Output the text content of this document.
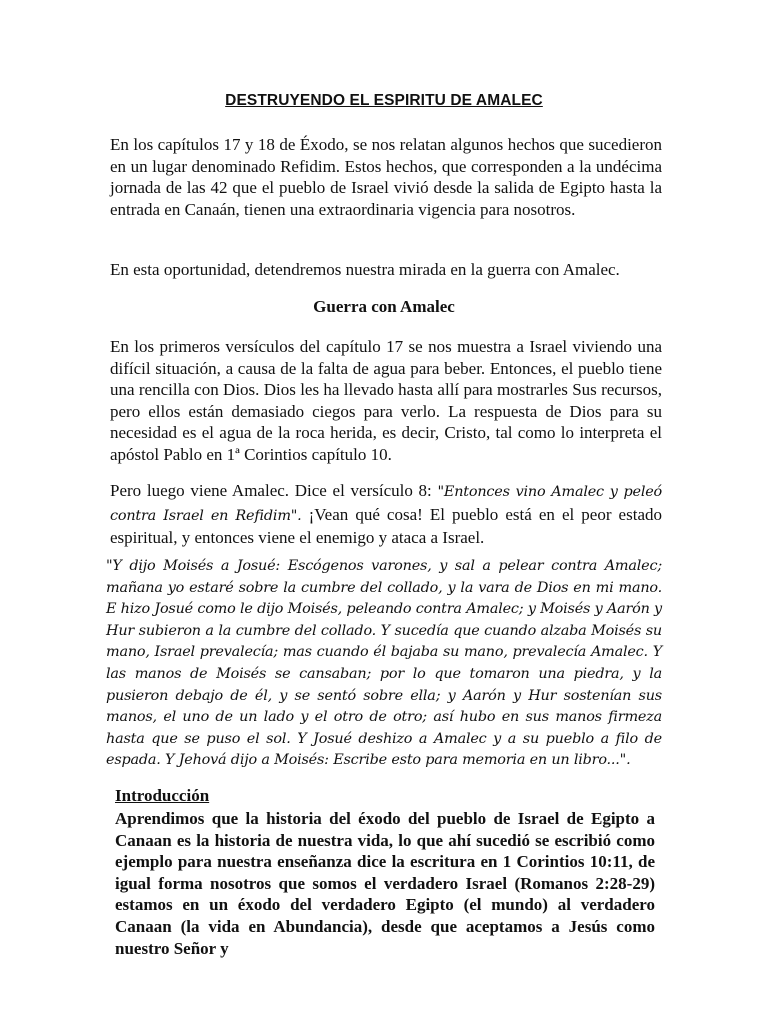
DESTRUYENDO EL ESPIRITU DE AMALEC

En los capítulos 17 y 18 de Éxodo, se nos relatan algunos hechos que sucedieron en un lugar denominado Refidim. Estos hechos, que corresponden a la undécima jornada de las 42 que el pueblo de Israel vivió desde la salida de Egipto hasta la entrada en Canaán, tienen una extraordinaria vigencia para nosotros.

En esta oportunidad, detendremos nuestra mirada en la guerra con Amalec.

Guerra con Amalec

En los primeros versículos del capítulo 17 se nos muestra a Israel viviendo una difícil situación, a causa de la falta de agua para beber. Entonces, el pueblo tiene una rencilla con Dios. Dios les ha llevado hasta allí para mostrarles Sus recursos, pero ellos están demasiado ciegos para verlo. La respuesta de Dios para su necesidad es el agua de la roca herida, es decir, Cristo, tal como lo interpreta el apóstol Pablo en 1ª Corintios capítulo 10.

Pero luego viene Amalec. Dice el versículo 8: "Entonces vino Amalec y peleó contra Israel en Refidim". ¡Vean qué cosa! El pueblo está en el peor estado espiritual, y entonces viene el enemigo y ataca a Israel.

"Y dijo Moisés a Josué: Escógenos varones, y sal a pelear contra Amalec; mañana yo estaré sobre la cumbre del collado, y la vara de Dios en mi mano. E hizo Josué como le dijo Moisés, peleando contra Amalec; y Moisés y Aarón y Hur subieron a la cumbre del collado. Y sucedía que cuando alzaba Moisés su mano, Israel prevalecía; mas cuando él bajaba su mano, prevalecía Amalec. Y las manos de Moisés se cansaban; por lo que tomaron una piedra, y la pusieron debajo de él, y se sentó sobre ella; y Aarón y Hur sostenían sus manos, el uno de un lado y el otro de otro; así hubo en sus manos firmeza hasta que se puso el sol. Y Josué deshizo a Amalec y a su pueblo a filo de espada. Y Jehová dijo a Moisés: Escribe esto para memoria en un libro...".

Introducción

Aprendimos que la historia del éxodo del pueblo de Israel de Egipto a Canaan es la historia de nuestra vida, lo que ahí sucedió se escribió como ejemplo para nuestra enseñanza dice la escritura en 1 Corintios 10:11, de igual forma nosotros que somos el verdadero Israel (Romanos 2:28-29) estamos en un éxodo del verdadero Egipto (el mundo) al verdadero Canaan (la vida en Abundancia), desde que aceptamos a Jesús como nuestro Señor y
